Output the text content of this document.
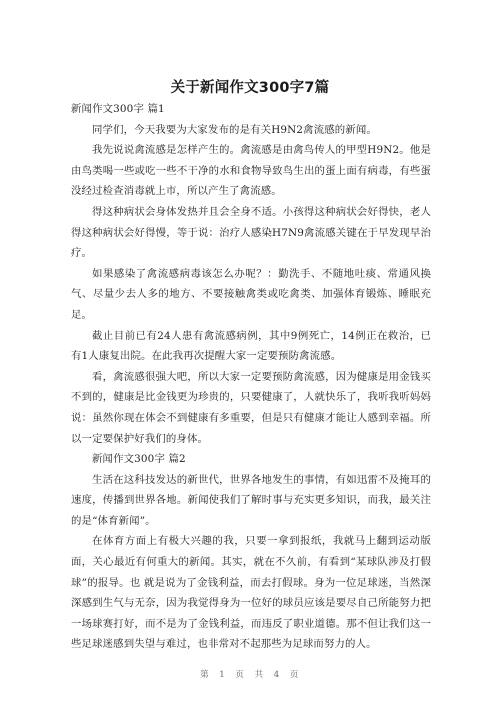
关于新闻作文300字7篇

新闻作文300字 篇1

同学们，今天我要为大家发布的是有关H9N2禽流感的新闻。

我先说说禽流感是怎样产生的。禽流感是由禽鸟传人的甲型H9N2。他是由鸟类喝一些或吃一些不干净的水和食物导致鸟生出的蛋上面有病毒，有些蛋没经过检查消毒就上市，所以产生了禽流感。

得这种病状会身体发热并且会全身不适。小孩得这种病状会好得快，老人得这种病状会好得慢，等于说：治疗人感染H7N9禽流感关键在于早发现早治疗。

如果感染了禽流感病毒该怎么办呢？：勤洗手、不随地吐痰、常通风换气、尽量少去人多的地方、不要接触禽类或吃禽类、加强体育锻炼、睡眠充足。

截止目前已有24人患有禽流感病例，其中9例死亡，14例正在救治，已有1人康复出院。在此我再次提醒大家一定要预防禽流感。

看，禽流感很强大吧，所以大家一定要预防禽流感，因为健康是用金钱买不到的，健康是比金钱更为珍贵的，只要健康了，人就快乐了，我听我听妈妈说：虽然你现在体会不到健康有多重要，但是只有健康才能让人感到幸福。所以一定要保护好我们的身体。

新闻作文300字 篇2

生活在这科技发达的新世代，世界各地发生的事情，有如迅雷不及掩耳的速度，传播到世界各地。新闻使我们了解时事与充实更多知识，而我，最关注的是“体育新闻”。

在体育方面上有极大兴趣的我，只要一拿到报纸，我就马上翻到运动版面，关心最近有何重大的新闻。其实，就在不久前，有看到“某球队涉及打假球”的报导。也 就是说为了金钱利益，而去打假球。身为一位足球迷，当然深深感到生气与无奈，因为我觉得身为一位好的球员应该是要尽自己所能努力把一场球赛打好，而不是为了金钱利益，而违反了职业道德。那不但让我们这一些足球迷感到失望与难过，也非常对不起那些为足球而努力的人。

第 1 页 共 4 页
